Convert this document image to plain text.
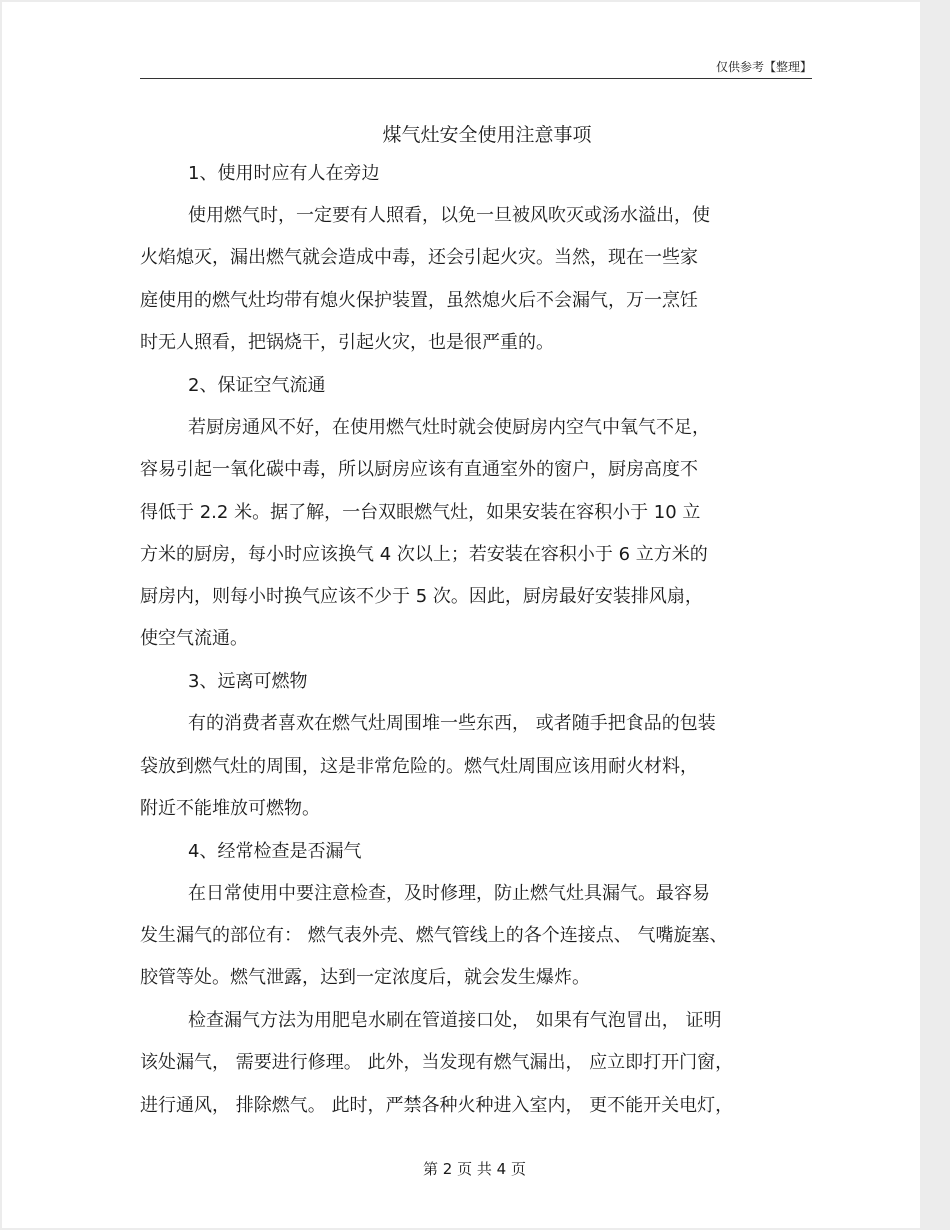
仅供参考【整理】
煤气灶安全使用注意事项
1、使用时应有人在旁边
使用燃气时，一定要有人照看，以免一旦被风吹灭或汤水溢出，使
火焰熄灭，漏出燃气就会造成中毒，还会引起火灾。当然，现在一些家
庭使用的燃气灶均带有熄火保护装置，虽然熄火后不会漏气，万一烹饪
时无人照看，把锅烧干，引起火灾，也是很严重的。
2、保证空气流通
若厨房通风不好，在使用燃气灶时就会使厨房内空气中氧气不足，
容易引起一氧化碳中毒，所以厨房应该有直通室外的窗户，厨房高度不
得低于 2.2 米。据了解，一台双眼燃气灶，如果安装在容积小于 10 立
方米的厨房，每小时应该换气 4 次以上；若安装在容积小于 6 立方米的
厨房内，则每小时换气应该不少于 5 次。因此，厨房最好安装排风扇，
使空气流通。
3、远离可燃物
有的消费者喜欢在燃气灶周围堆一些东西， 或者随手把食品的包装
袋放到燃气灶的周围，这是非常危险的。燃气灶周围应该用耐火材料，
附近不能堆放可燃物。
4、经常检查是否漏气
在日常使用中要注意检查，及时修理，防止燃气灶具漏气。最容易
发生漏气的部位有： 燃气表外壳、燃气管线上的各个连接点、 气嘴旋塞、
胶管等处。燃气泄露，达到一定浓度后，就会发生爆炸。
检查漏气方法为用肥皂水刷在管道接口处， 如果有气泡冒出， 证明
该处漏气， 需要进行修理。 此外，当发现有燃气漏出， 应立即打开门窗，
进行通风， 排除燃气。 此时，严禁各种火种进入室内， 更不能开关电灯，
第 2 页 共 4 页
